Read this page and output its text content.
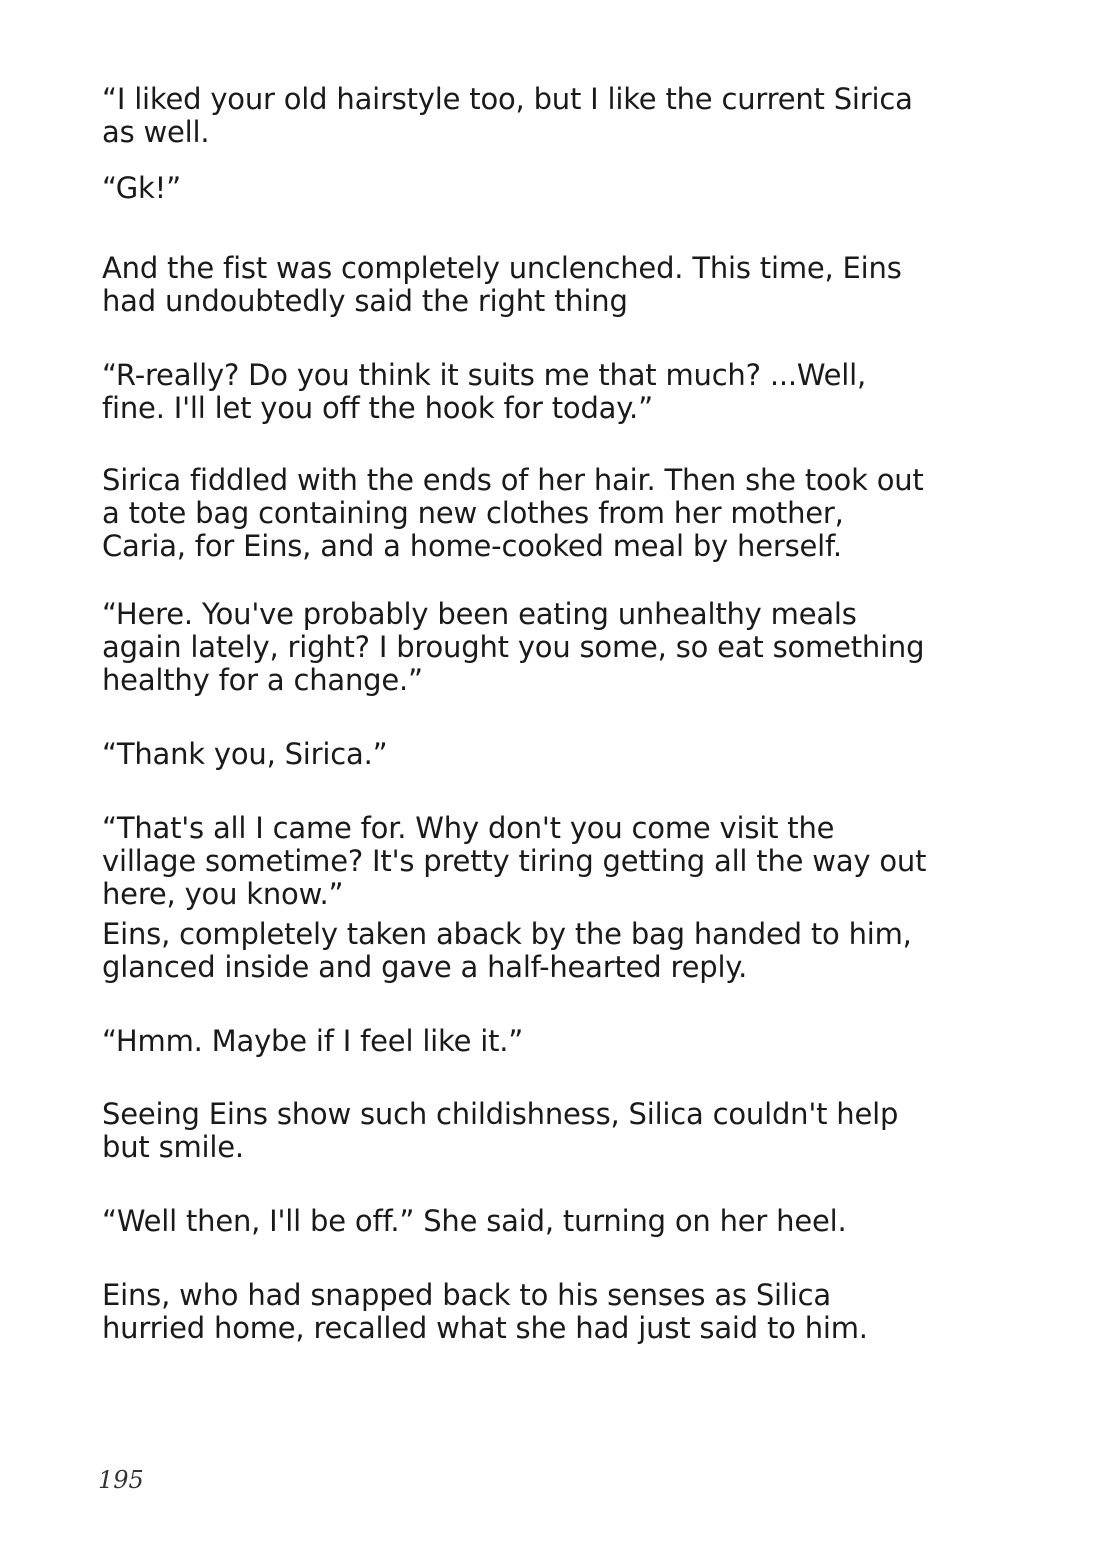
“I liked your old hairstyle too, but I like the current Sirica as well.

“Gk!”

And the fist was completely unclenched. This time, Eins had undoubtedly said the right thing

“R-really? Do you think it suits me that much? ...Well, fine. I'll let you off the hook for today.”

Sirica fiddled with the ends of her hair. Then she took out a tote bag containing new clothes from her mother, Caria, for Eins, and a home-cooked meal by herself.

“Here. You've probably been eating unhealthy meals again lately, right? I brought you some, so eat something healthy for a change.”

“Thank you, Sirica.”

“That's all I came for. Why don't you come visit the village sometime? It's pretty tiring getting all the way out here, you know.”

Eins, completely taken aback by the bag handed to him, glanced inside and gave a half-hearted reply.

“Hmm. Maybe if I feel like it.”

Seeing Eins show such childishness, Silica couldn't help but smile.

“Well then, I'll be off.” She said, turning on her heel.

Eins, who had snapped back to his senses as Silica hurried home, recalled what she had just said to him.

195
